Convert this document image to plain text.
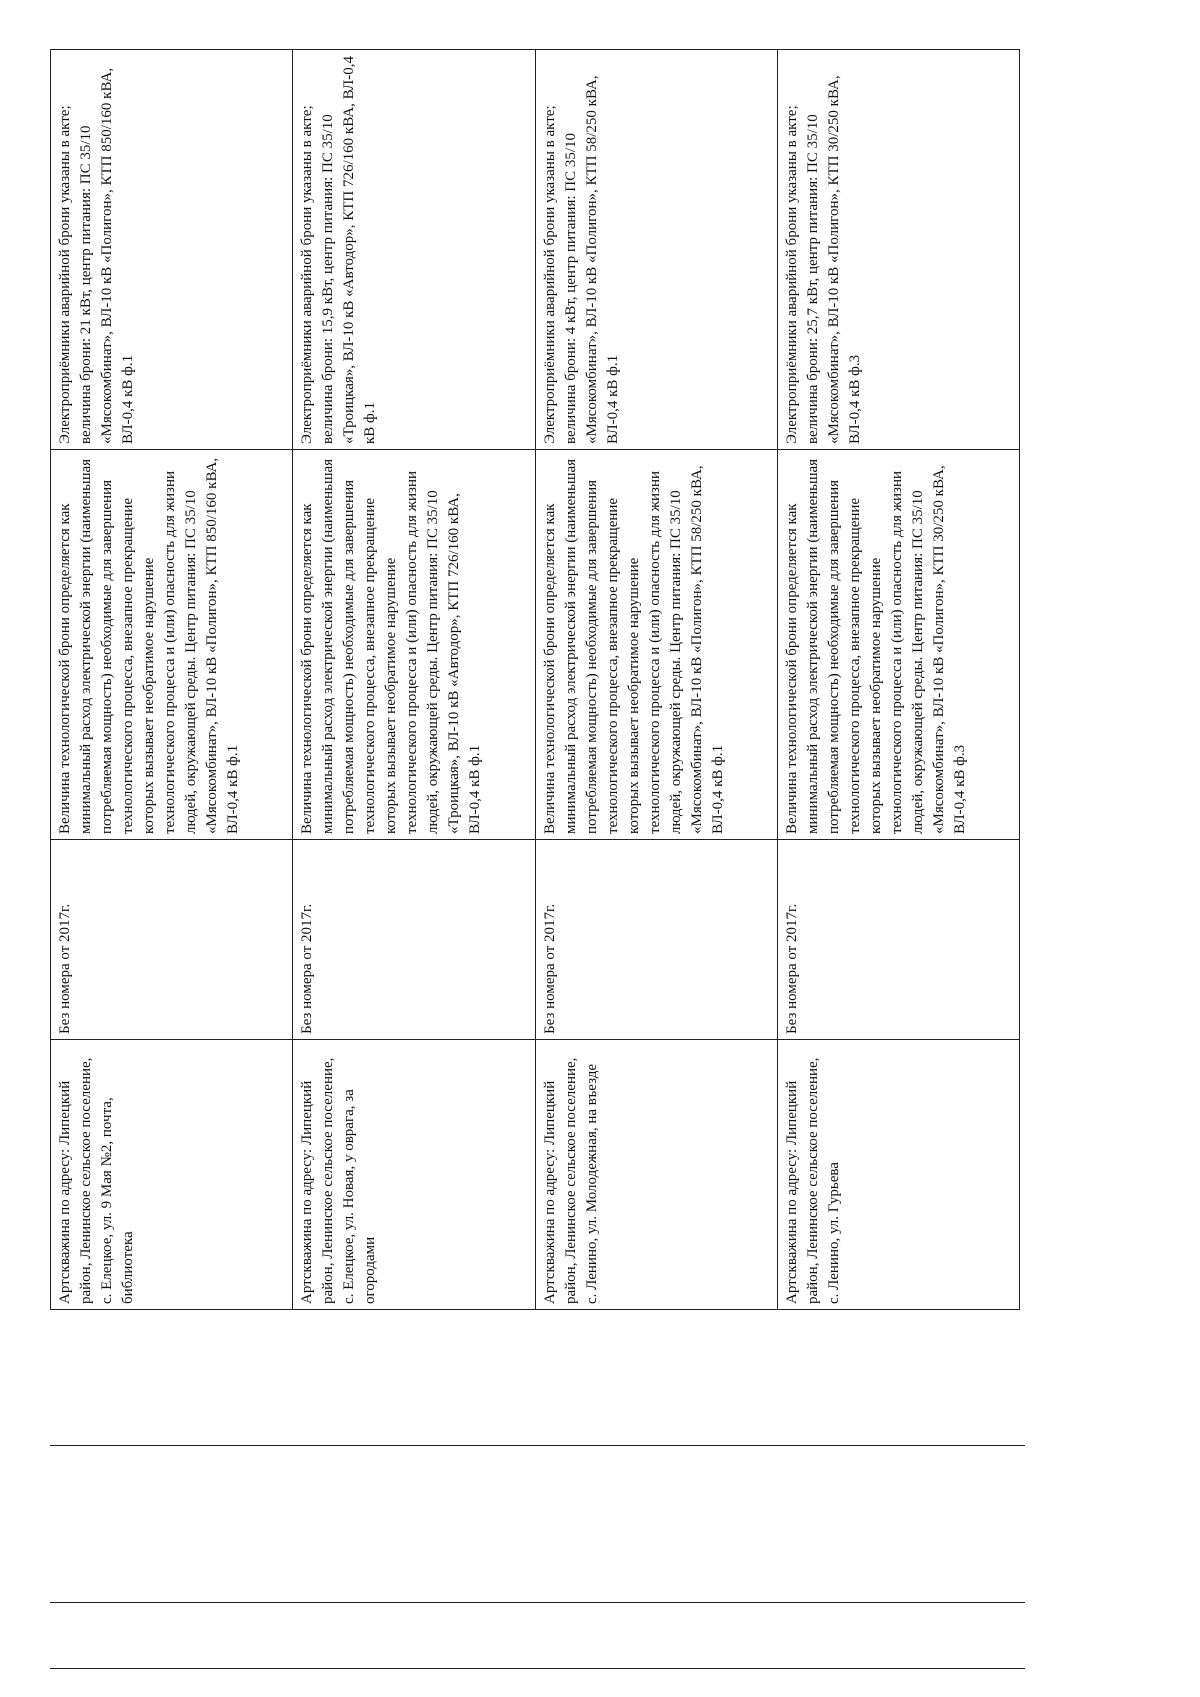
Артскважина по адресу: Липецкий район, Ленинское сельское поселение, с. Елецкое, ул. 9 Мая №2, почта, библиотека	Без номера от 2017г.	Величина технологической брони определяется как минимальный расход электрической энергии (наименьшая потребляемая мощность) необходимые для завершения технологического процесса, внезапное прекращение которых вызывает необратимое нарушение технологического процесса и (или) опасность для жизни людей, окружающей среды. Центр питания: ПС 35/10 «Мясокомбинат», ВЛ-10 кВ «Полигон», КТП 850/160 кВА, ВЛ-0,4 кВ ф.1	Электроприёмники аварийной брони указаны в акте; величина брони: 21 кВт, центр питания: ПС 35/10 «Мясокомбинат», ВЛ-10 кВ «Полигон», КТП 850/160 кВА, ВЛ-0,4 кВ ф.1
Артскважина по адресу: Липецкий район, Ленинское сельское поселение, с. Елецкое, ул. Новая, у оврага, за огородами	Без номера от 2017г.	Величина технологической брони определяется как минимальный расход электрической энергии (наименьшая потребляемая мощность) необходимые для завершения технологического процесса, внезапное прекращение которых вызывает необратимое нарушение технологического процесса и (или) опасность для жизни людей, окружающей среды. Центр питания: ПС 35/10 «Троицкая», ВЛ-10 кВ «Автодор», КТП 726/160 кВА, ВЛ-0,4 кВ ф.1	Электроприёмники аварийной брони указаны в акте; величина брони: 15,9 кВт, центр питания: ПС 35/10 «Троицкая», ВЛ-10 кВ «Автодор», КТП 726/160 кВА, ВЛ-0,4 кВ ф.1
Артскважина по адресу: Липецкий район, Ленинское сельское поселение, с. Ленино, ул. Молодежная, на въезде	Без номера от 2017г.	Величина технологической брони определяется как минимальный расход электрической энергии (наименьшая потребляемая мощность) необходимые для завершения технологического процесса, внезапное прекращение которых вызывает необратимое нарушение технологического процесса и (или) опасность для жизни людей, окружающей среды. Центр питания: ПС 35/10 «Мясокомбинат», ВЛ-10 кВ «Полигон», КТП 58/250 кВА, ВЛ-0,4 кВ ф.1	Электроприёмники аварийной брони указаны в акте; величина брони: 4 кВт, центр питания: ПС 35/10 «Мясокомбинат», ВЛ-10 кВ «Полигон», КТП 58/250 кВА, ВЛ-0,4 кВ ф.1
Артскважина по адресу: Липецкий район, Ленинское сельское поселение, с. Ленино, ул. Гурьева	Без номера от 2017г.	Величина технологической брони определяется как минимальный расход электрической энергии (наименьшая потребляемая мощность) необходимые для завершения технологического процесса, внезапное прекращение которых вызывает необратимое нарушение технологического процесса и (или) опасность для жизни людей, окружающей среды. Центр питания: ПС 35/10 «Мясокомбинат», ВЛ-10 кВ «Полигон», КТП 30/250 кВА, ВЛ-0,4 кВ ф.3	Электроприёмники аварийной брони указаны в акте; величина брони: 25,7 кВт, центр питания: ПС 35/10 «Мясокомбинат», ВЛ-10 кВ «Полигон», КТП 30/250 кВА, ВЛ-0,4 кВ ф.3
